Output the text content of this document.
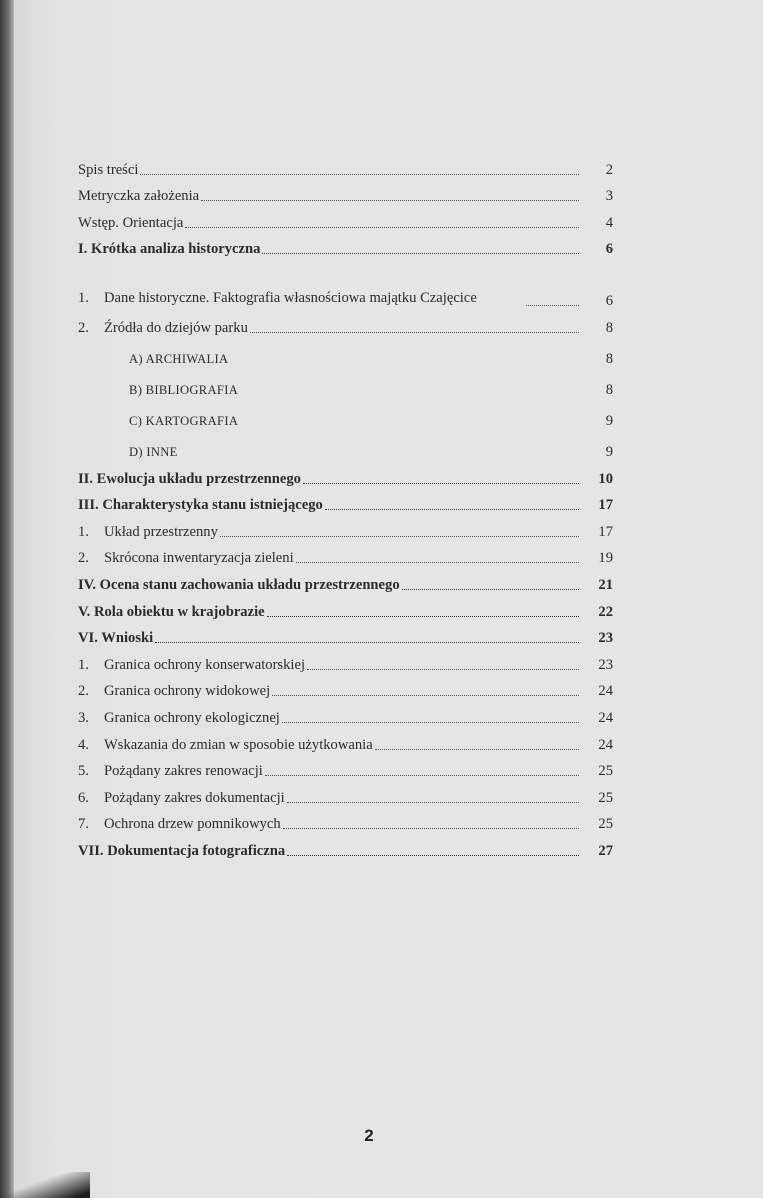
Spis treści	2
Metryczka założenia	3
Wstęp. Orientacja	4
I. Krótka analiza historyczna	6
1. Dane historyczne. Faktografia własnościowa majątku Czajęcice	6
2. Źródła do dziejów parku	8
A) ARCHIWALIA	8
B) BIBLIOGRAFIA	8
C) KARTOGRAFIA	9
D) INNE	9
II. Ewolucja układu przestrzennego	10
III. Charakterystyka stanu istniejącego	17
1. Układ przestrzenny	17
2. Skrócona inwentaryzacja zieleni	19
IV. Ocena stanu zachowania układu przestrzennego	21
V. Rola obiektu w krajobrazie	22
VI. Wnioski	23
1. Granica ochrony konserwatorskiej	23
2. Granica ochrony widokowej	24
3. Granica ochrony ekologicznej	24
4. Wskazania do zmian w sposobie użytkowania	24
5. Pożądany zakres renowacji	25
6. Pożądany zakres dokumentacji	25
7. Ochrona drzew pomnikowych	25
VII. Dokumentacja fotograficzna	27
2
